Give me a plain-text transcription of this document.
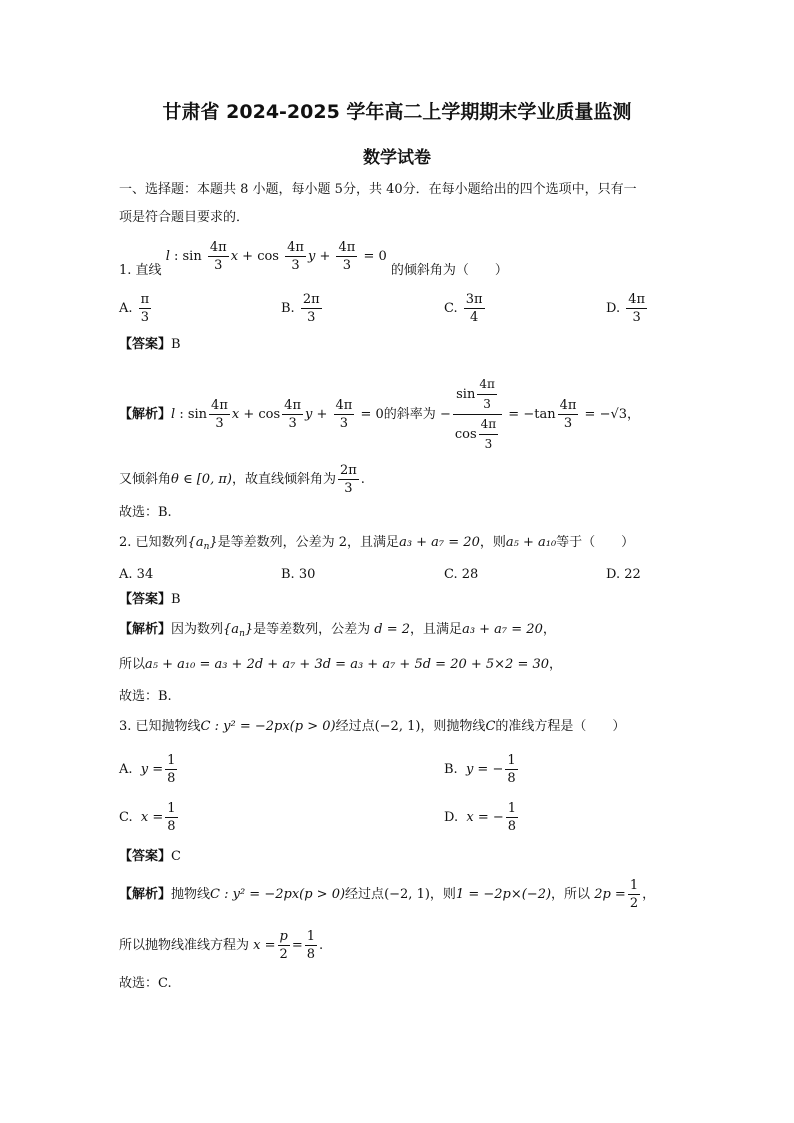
甘肃省 2024-2025 学年高二上学期期末学业质量监测
数学试卷
一、选择题：本题共 8 小题，每小题 5分，共 40分．在每小题给出的四个选项中，只有一
项是符合题目要求的．
1. 直线 l : $\sin \frac{4\pi}{3}$ $x + \cos \frac{4\pi}{3}$ $y + \frac{4\pi}{3} = 0$ 的倾斜角为（　　）
A. $\frac{\pi}{3}$	B. $\frac{2\pi}{3}$	C. $\frac{3\pi}{4}$	D. $\frac{4\pi}{3}$
【答案】B
【解析】l : $\sin \frac{4\pi}{3}$ $x + \cos \frac{4\pi}{3}$ $y + \frac{4\pi}{3} = 0$的斜率为 − $\frac{\sin \frac{4\pi}{3}}{\cos \frac{4\pi}{3}} = -\tan \frac{4\pi}{3} = -√3$，
又倾斜角θ ∈ [0, π)，故直线倾斜角为 $\frac{2\pi}{3}$ .
故选：B.
2. 已知数列$\{a_n\}$是等差数列，公差为 2，且满足a₃ + a₇ = 20，则a₅ + a₁₀等于（　　）
A. 34	B. 30	C. 28	D. 22
【答案】B
【解析】因为数列$\{a_n\}$是等差数列，公差为 d = 2，且满足a₃ + a₇ = 20，
所以a₅ + a₁₀ = a₃ + 2d + a₇ + 3d = a₃ + a₇ + 5d = 20 + 5×2 = 30，
故选：B.
3. 已知抛物线C : y² = −2px(p > 0)经过点(−2, 1)，则抛物线C的准线方程是（　　）
A. $y = \frac{1}{8}$	B. y = − $\frac{1}{8}$
C. $x = \frac{1}{8}$	D. x = − $\frac{1}{8}$
【答案】C
【解析】抛物线C : y² = −2px(p > 0)经过点(−2, 1)，则1 = −2p×(−2)，所以 $2p = \frac{1}{2}$ ，
所以抛物线准线方程为 $x = \frac{p}{2} = \frac{1}{8}$ .
故选：C.
